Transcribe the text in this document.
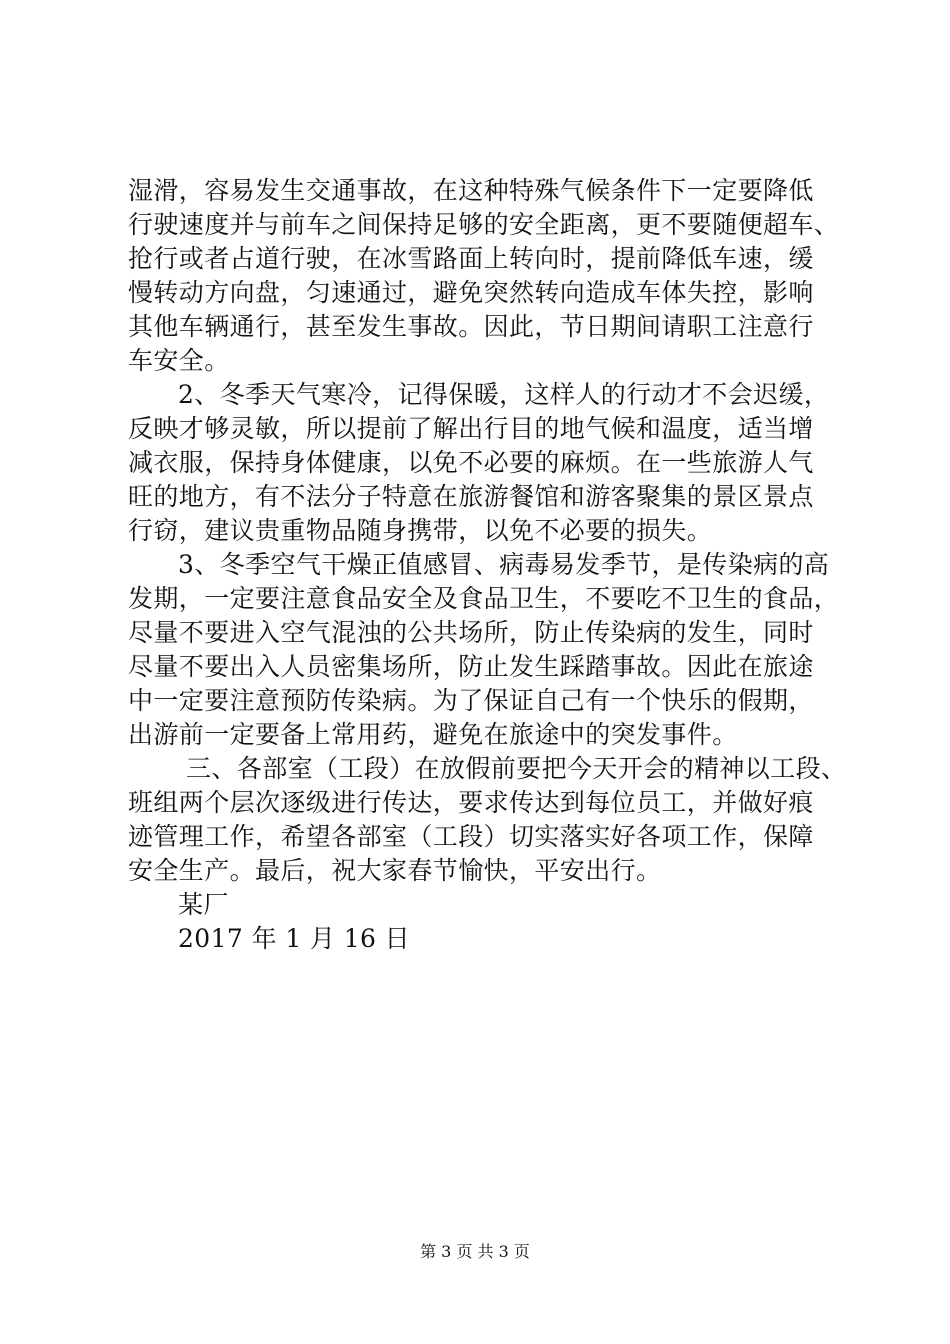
湿滑，容易发生交通事故，在这种特殊气候条件下一定要降低
行驶速度并与前车之间保持足够的安全距离，更不要随便超车、
抢行或者占道行驶，在冰雪路面上转向时，提前降低车速，缓
慢转动方向盘，匀速通过，避免突然转向造成车体失控，影响
其他车辆通行，甚至发生事故。因此，节日期间请职工注意行
车安全。
2、冬季天气寒冷，记得保暖，这样人的行动才不会迟缓，
反映才够灵敏，所以提前了解出行目的地气候和温度，适当增
减衣服，保持身体健康，以免不必要的麻烦。在一些旅游人气
旺的地方，有不法分子特意在旅游餐馆和游客聚集的景区景点
行窃，建议贵重物品随身携带，以免不必要的损失。
3、冬季空气干燥正值感冒、病毒易发季节，是传染病的高
发期，一定要注意食品安全及食品卫生，不要吃不卫生的食品，
尽量不要进入空气混浊的公共场所，防止传染病的发生，同时
尽量不要出入人员密集场所，防止发生踩踏事故。因此在旅途
中一定要注意预防传染病。为了保证自己有一个快乐的假期，
出游前一定要备上常用药，避免在旅途中的突发事件。
三、各部室（工段）在放假前要把今天开会的精神以工段、
班组两个层次逐级进行传达，要求传达到每位员工，并做好痕
迹管理工作，希望各部室（工段）切实落实好各项工作，保障
安全生产。最后，祝大家春节愉快，平安出行。
某厂
2017 年 1 月 16 日
第 3 页 共 3 页
